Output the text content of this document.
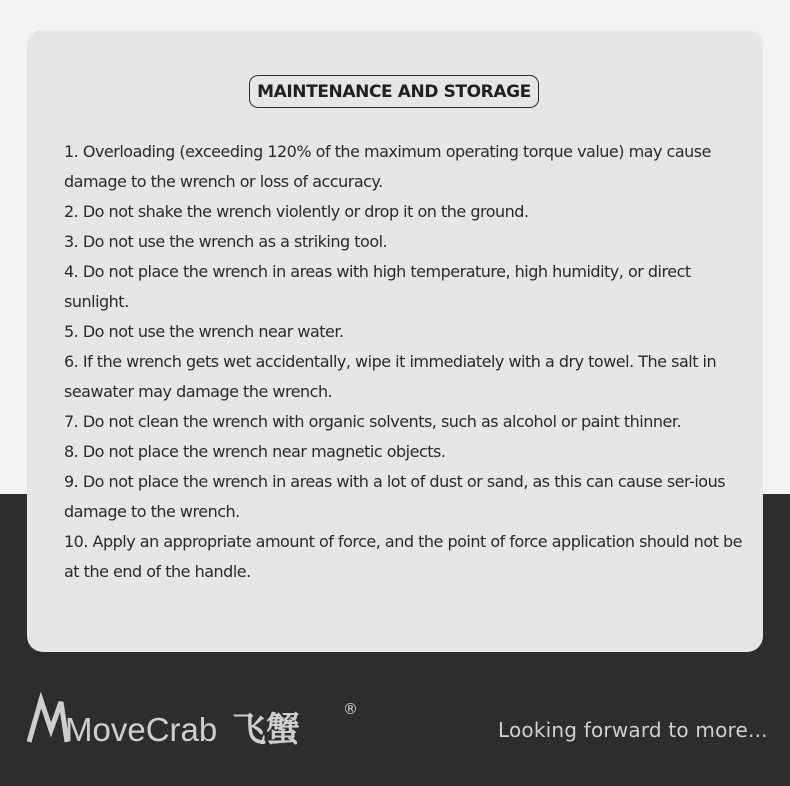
MAINTENANCE AND STORAGE
1. Overloading (exceeding 120% of the maximum operating torque value) may cause damage to the wrench or loss of accuracy.
2. Do not shake the wrench violently or drop it on the ground.
3. Do not use the wrench as a striking tool.
4. Do not place the wrench in areas with high temperature, high humidity, or direct sunlight.
5. Do not use the wrench near water.
6. If the wrench gets wet accidentally, wipe it immediately with a dry towel. The salt in seawater may damage the wrench.
7. Do not clean the wrench with organic solvents, such as alcohol or paint thinner.
8. Do not place the wrench near magnetic objects.
9. Do not place the wrench in areas with a lot of dust or sand, as this can cause ser-ious damage to the wrench.
10. Apply an appropriate amount of force, and the point of force application should not be at the end of the handle.
MoveCrab 飞蟹
®
Looking forward to more...
